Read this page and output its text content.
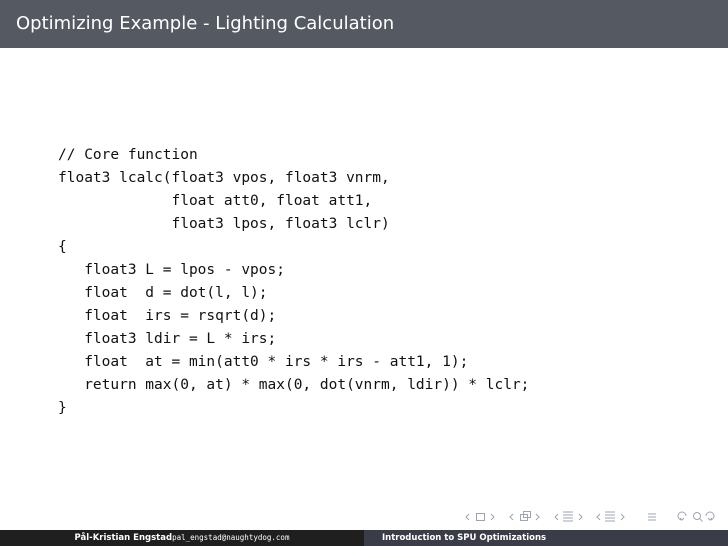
Optimizing Example - Lighting Calculation
// Core function
float3 lcalc(float3 vpos, float3 vnrm,
float att0, float att1,
float3 lpos, float3 lclr)
{
float3 L = lpos - vpos;
float  d = dot(l, l);
float  irs = rsqrt(d);
float3 ldir = L * irs;
float  at = min(att0 * irs * irs - att1, 1);
return max(0, at) * max(0, dot(vnrm, ldir)) * lclr;
}
Pål-Kristian Engstadpal_engstad@naughtydog.com	Introduction to SPU Optimizations
